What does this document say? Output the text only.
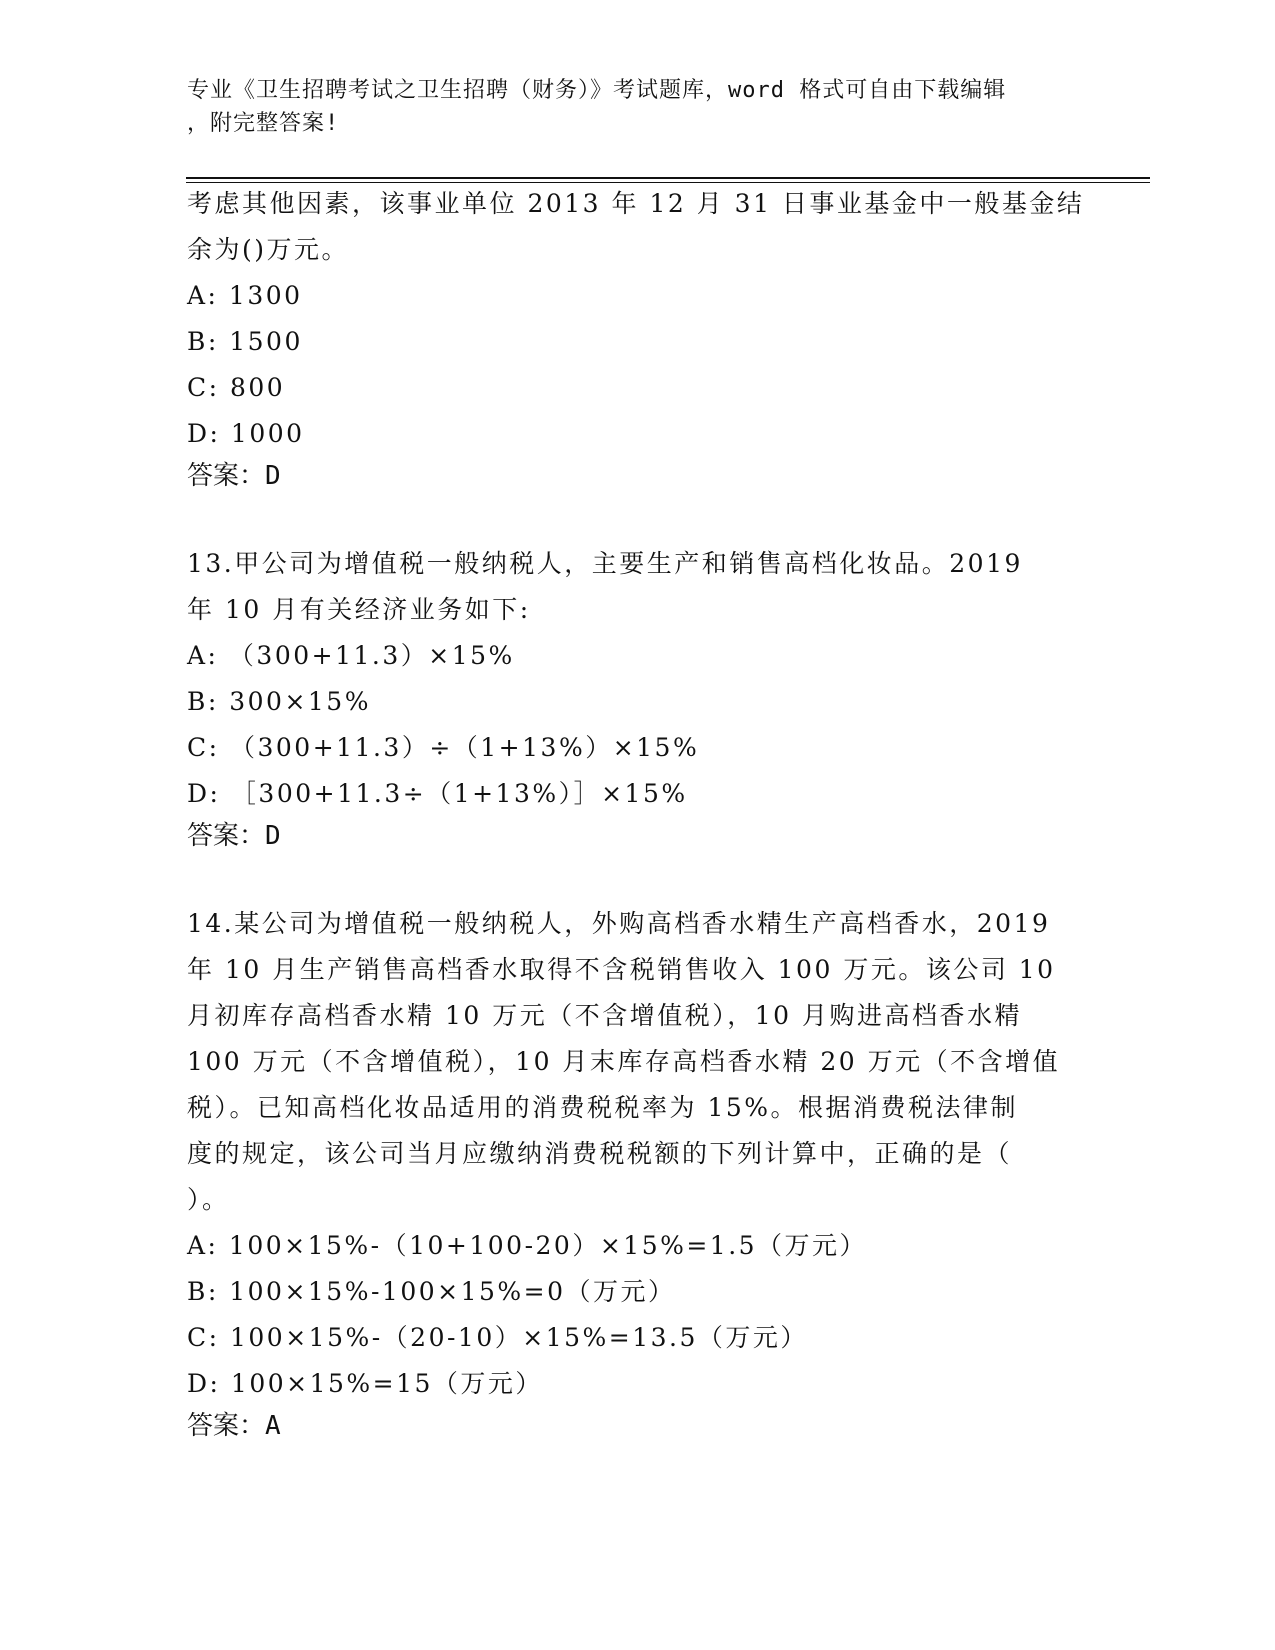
专业《卫生招聘考试之卫生招聘（财务）》考试题库，word 格式可自由下载编辑
，附完整答案!
考虑其他因素，该事业单位 2013 年 12 月 31 日事业基金中一般基金结
余为()万元。
A: 1300
B: 1500
C: 800
D: 1000
答案：D
13.甲公司为增值税一般纳税人，主要生产和销售高档化妆品。2019
年 10 月有关经济业务如下:
A: （300+11.3）×15%
B: 300×15%
C: （300+11.3）÷（1+13%）×15%
D: ［300+11.3÷（1+13%）］×15%
答案：D
14.某公司为增值税一般纳税人，外购高档香水精生产高档香水，2019
年 10 月生产销售高档香水取得不含税销售收入 100 万元。该公司 10
月初库存高档香水精 10 万元（不含增值税），10 月购进高档香水精
100 万元（不含增值税），10 月末库存高档香水精 20 万元（不含增值
税）。已知高档化妆品适用的消费税税率为 15%。根据消费税法律制
度的规定，该公司当月应缴纳消费税税额的下列计算中，正确的是（
）。
A: 100×15%-（10+100-20）×15%=1.5（万元）
B: 100×15%-100×15%=0（万元）
C: 100×15%-（20-10）×15%=13.5（万元）
D: 100×15%=15（万元）
答案：A
